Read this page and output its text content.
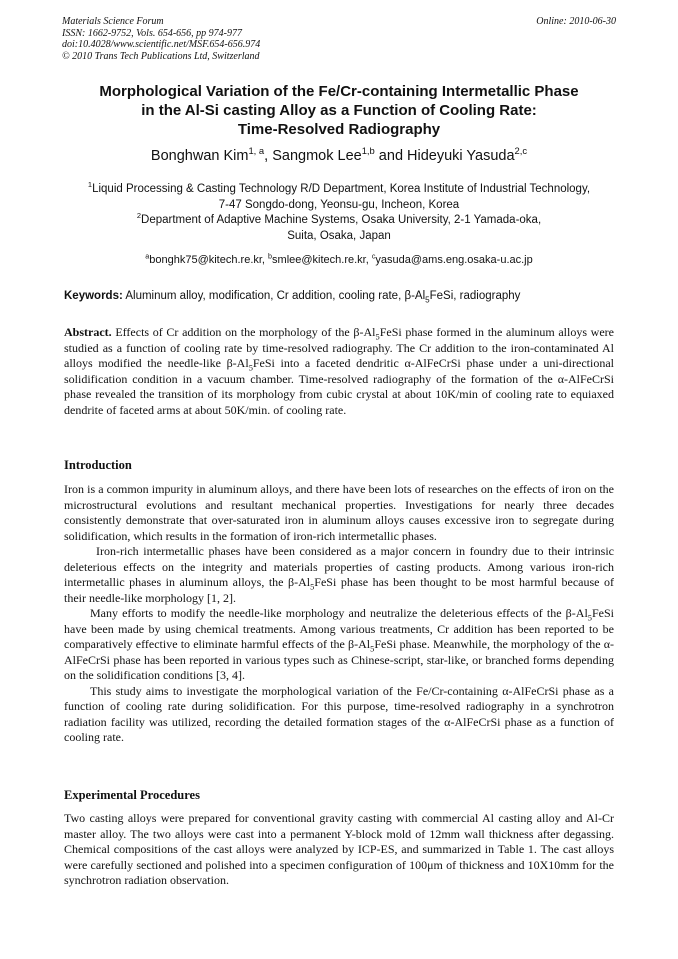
Materials Science Forum
ISSN: 1662-9752, Vols. 654-656, pp 974-977
doi:10.4028/www.scientific.net/MSF.654-656.974
© 2010 Trans Tech Publications Ltd, Switzerland
Online: 2010-06-30
Morphological Variation of the Fe/Cr-containing Intermetallic Phase
in the Al-Si casting Alloy as a Function of Cooling Rate:
Time-Resolved Radiography
Bonghwan Kim$^{1, a}$, Sangmok Lee$^{1,b}$ and Hideyuki Yasuda$^{2,c}$
$^1$Liquid Processing & Casting Technology R/D Department, Korea Institute of Industrial Technology,
7-47 Songdo-dong, Yeonsu-gu, Incheon, Korea
$^2$Department of Adaptive Machine Systems, Osaka University, 2-1 Yamada-oka,
Suita, Osaka, Japan
$^a$bonghk75@kitech.re.kr, $^b$smlee@kitech.re.kr, $^c$yasuda@ams.eng.osaka-u.ac.jp
Keywords: Aluminum alloy, modification, Cr addition, cooling rate, $\beta-Al_5FeSi$, radiography

Abstract. Effects of Cr addition on the morphology of the $\beta-Al_5FeSi$ phase formed in the aluminum alloys were studied as a function of cooling rate by time-resolved radiography. The Cr addition to the iron-contaminated Al alloys modified the needle-like $\beta-Al_5FeSi$ into a faceted dendritic α-AlFeCrSi phase under a uni-directional solidification condition in a vacuum chamber. Time-resolved radiography of the formation of the α-AlFeCrSi phase revealed the transition of its morphology from cubic crystal at about 10K/min of cooling rate to equiaxed dendrite of faceted arms at about 50K/min. of cooling rate.

Introduction

Iron is a common impurity in aluminum alloys, and there have been lots of researches on the effects of iron on the microstructural evolutions and resultant mechanical properties. Investigations for nearly three decades consistently demonstrate that over-saturated iron in aluminum alloys causes excessive iron to segregate during solidification, which results in the formation of iron-rich intermetallic phases.

Iron-rich intermetallic phases have been considered as a major concern in foundry due to their intrinsic deleterious effects on the integrity and materials properties of casting products. Among various iron-rich intermetallic phases in aluminum alloys, the $\beta-Al_5FeSi$ phase has been thought to be most harmful because of their needle-like morphology [1, 2].

Many efforts to modify the needle-like morphology and neutralize the deleterious effects of the $\beta-Al_5FeSi$ have been made by using chemical treatments. Among various treatments, Cr addition has been reported to be comparatively effective to eliminate harmful effects of the $\beta-Al_5FeSi$ phase. Meanwhile, the morphology of the α-AlFeCrSi phase has been reported in various types such as Chinese-script, star-like, or branched forms depending on the solidification conditions [3, 4].

This study aims to investigate the morphological variation of the Fe/Cr-containing α-AlFeCrSi phase as a function of cooling rate during solidification. For this purpose, time-resolved radiography in a synchrotron radiation facility was utilized, recording the detailed formation stages of the α-AlFeCrSi phase as a function of cooling rate.

Experimental Procedures

Two casting alloys were prepared for conventional gravity casting with commercial Al casting alloy and Al-Cr master alloy. The two alloys were cast into a permanent Y-block mold of 12mm wall thickness after degassing. Chemical compositions of the cast alloys were analyzed by ICP-ES, and summarized in Table 1. The cast alloys were carefully sectioned and polished into a specimen configuration of 100μm of thickness and 10X10mm for the synchrotron radiation observation.
